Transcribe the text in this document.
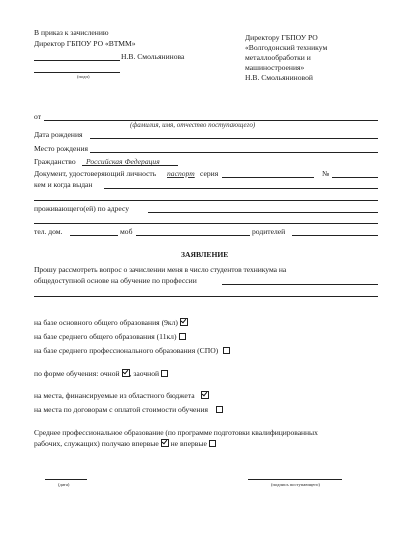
В приказ к зачислению
Директор ГБПОУ РО «ВТММ»
Н.В. Смольянинова
(подп)
Директору ГБПОУ РО
«Волгодонский техникум
металлообработки и
машиностроения»
Н.В. Смольяниновой
от
(фамилия, имя, отчество поступающего)
Дата рождения
Место рождения
Гражданство Российская Федерация
Документ, удостоверяющий личность паспорт серия	№
кем и когда выдан
проживающего(ей) по адресу
тел. дом.	моб	родителей
ЗАЯВЛЕНИЕ
Прошу рассмотреть вопрос о зачислении меня в число студентов техникума на
общедоступной основе на обучение по профессии
на базе основного общего образования (9кл)
на базе среднего общего образования (11кл)
на базе среднего профессионального образования (СПО)
по форме обучения: очной , заочной
на места, финансируемые из областного бюджета
на места по договорам с оплатой стоимости обучения
Среднее профессиональное образование (по программе подготовки квалифицированных
рабочих, служащих) получаю впервые не впервые
(дата)	(подпись поступающего)
